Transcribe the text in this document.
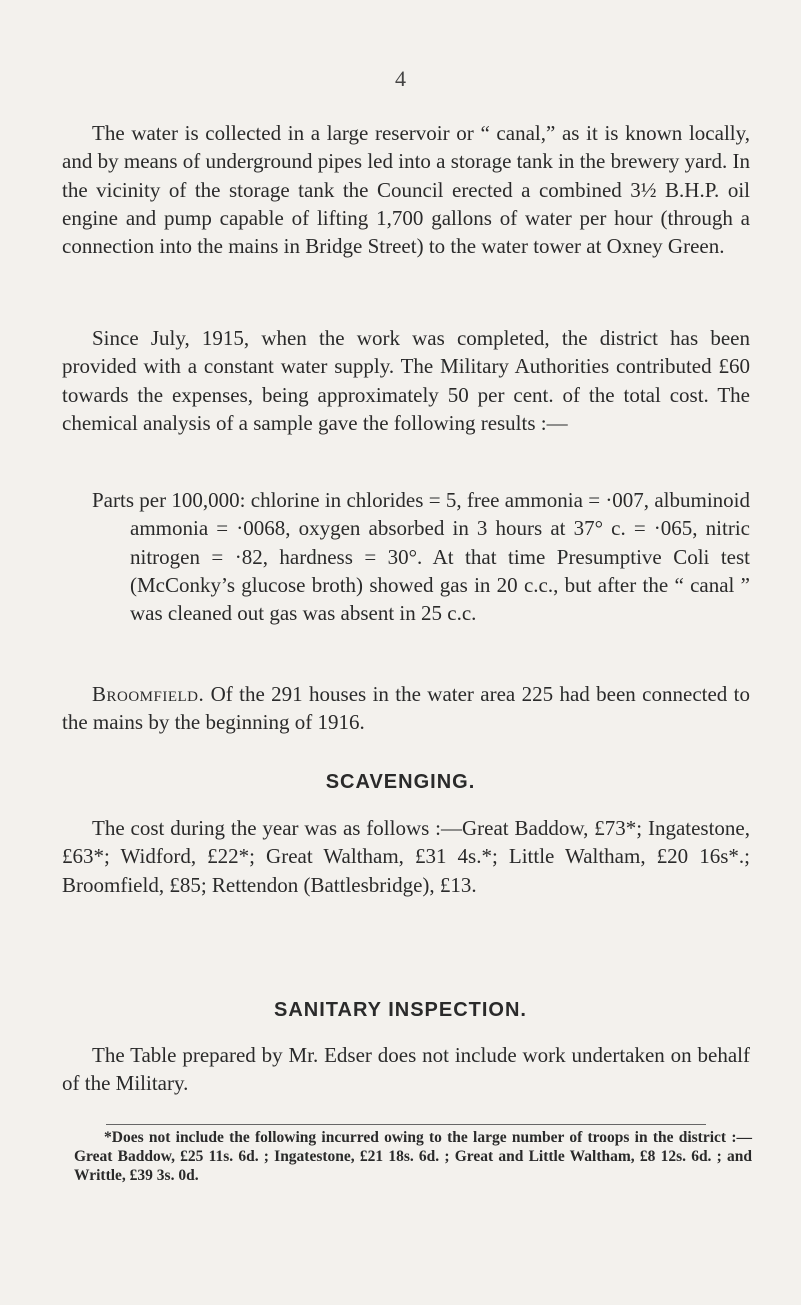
4

The water is collected in a large reservoir or “ canal,” as it is known locally, and by means of underground pipes led into a storage tank in the brewery yard. In the vicinity of the storage tank the Council erected a combined 3½ B.H.P. oil engine and pump capable of lifting 1,700 gallons of water per hour (through a connection into the mains in Bridge Street) to the water tower at Oxney Green.

Since July, 1915, when the work was completed, the district has been provided with a constant water supply. The Military Authorities contributed £60 towards the expenses, being approximately 50 per cent. of the total cost. The chemical analysis of a sample gave the following results :—

Parts per 100,000: chlorine in chlorides = 5, free ammonia = ·007, albuminoid ammonia = ·0068, oxygen absorbed in 3 hours at 37° c. = ·065, nitric nitrogen = ·82, hardness = 30°. At that time Presumptive Coli test (McConky’s glucose broth) showed gas in 20 c.c., but after the “ canal ” was cleaned out gas was absent in 25 c.c.

Broomfield. Of the 291 houses in the water area 225 had been connected to the mains by the beginning of 1916.

SCAVENGING.

The cost during the year was as follows :—Great Baddow, £73*; Ingatestone, £63*; Widford, £22*; Great Waltham, £31 4s.*; Little Waltham, £20 16s*.; Broomfield, £85; Rettendon (Battlesbridge), £13.

SANITARY INSPECTION.

The Table prepared by Mr. Edser does not include work undertaken on behalf of the Military.

*Does not include the following incurred owing to the large number of troops in the district :—Great Baddow, £25 11s. 6d. ; Ingatestone, £21 18s. 6d. ; Great and Little Waltham, £8 12s. 6d. ; and Writtle, £39 3s. 0d.
